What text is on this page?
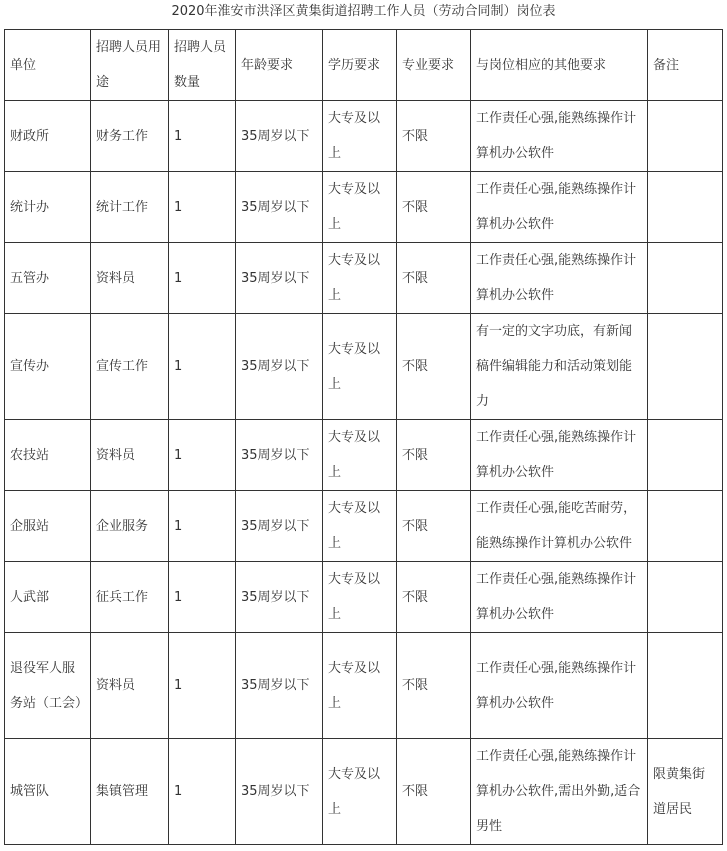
2020年淮安市洪泽区黄集街道招聘工作人员（劳动合同制）岗位表
单位	招聘人员用途	招聘人员数量	年龄要求	学历要求	专业要求	与岗位相应的其他要求	备注
财政所	财务工作	1	35周岁以下	大专及以上	不限	工作责任心强,能熟练操作计算机办公软件	
统计办	统计工作	1	35周岁以下	大专及以上	不限	工作责任心强,能熟练操作计算机办公软件	
五管办	资料员	1	35周岁以下	大专及以上	不限	工作责任心强,能熟练操作计算机办公软件	
宣传办	宣传工作	1	35周岁以下	大专及以上	不限	有一定的文字功底，有新闻稿件编辑能力和活动策划能力	
农技站	资料员	1	35周岁以下	大专及以上	不限	工作责任心强,能熟练操作计算机办公软件	
企服站	企业服务	1	35周岁以下	大专及以上	不限	工作责任心强,能吃苦耐劳，能熟练操作计算机办公软件	
人武部	征兵工作	1	35周岁以下	大专及以上	不限	工作责任心强,能熟练操作计算机办公软件	
退役军人服务站（工会）	资料员	1	35周岁以下	大专及以上	不限	工作责任心强,能熟练操作计算机办公软件	
城管队	集镇管理	1	35周岁以下	大专及以上	不限	工作责任心强,能熟练操作计算机办公软件,需出外勤,适合男性	限黄集街道居民
